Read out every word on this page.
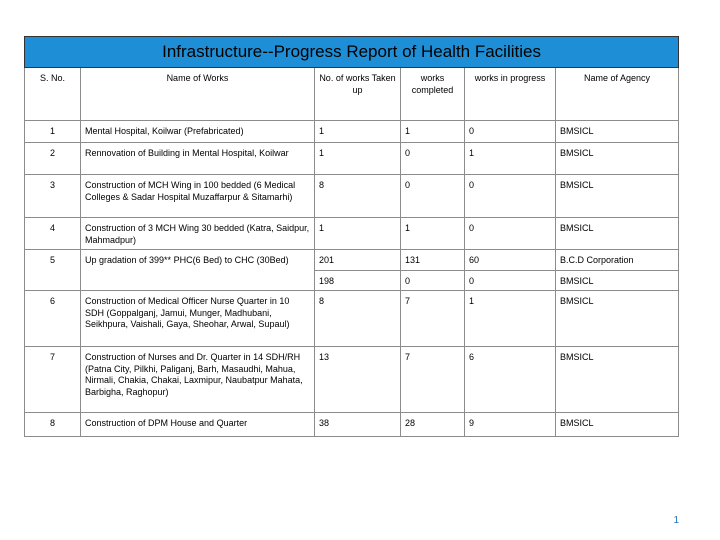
Infrastructure--Progress Report of Health Facilities					
S. No.	Name of Works	No. of works Taken up	works completed	works in progress	Name of Agency
1	Mental Hospital, Koilwar (Prefabricated)	1	1	0	BMSICL
2	Rennovation of Building in Mental Hospital, Koilwar	1	0	1	BMSICL
3	Construction of MCH Wing in 100 bedded (6 Medical Colleges & Sadar Hospital Muzaffarpur & Sitamarhi)	8	0	0	BMSICL
4	Construction of 3 MCH Wing 30 bedded (Katra, Saidpur, Mahmadpur)	1	1	0	BMSICL
5	Up gradation of 399** PHC(6 Bed) to CHC (30Bed)	201	131	60	B.C.D Corporation
		198	0	0	BMSICL
6	Construction of Medical Officer Nurse Quarter in 10 SDH (Goppalganj, Jamui, Munger, Madhubani, Seikhpura, Vaishali, Gaya, Sheohar, Arwal, Supaul)	8	7	1	BMSICL
7	Construction of Nurses and Dr. Quarter in 14 SDH/RH (Patna City, Pilkhi, Paliganj, Barh, Masaudhi, Mahua, Nirmali, Chakia, Chakai, Laxmipur, Naubatpur Mahata, Barbigha, Raghopur)	13	7	6	BMSICL
8	Construction of DPM House and Quarter	38	28	9	BMSICL
1
